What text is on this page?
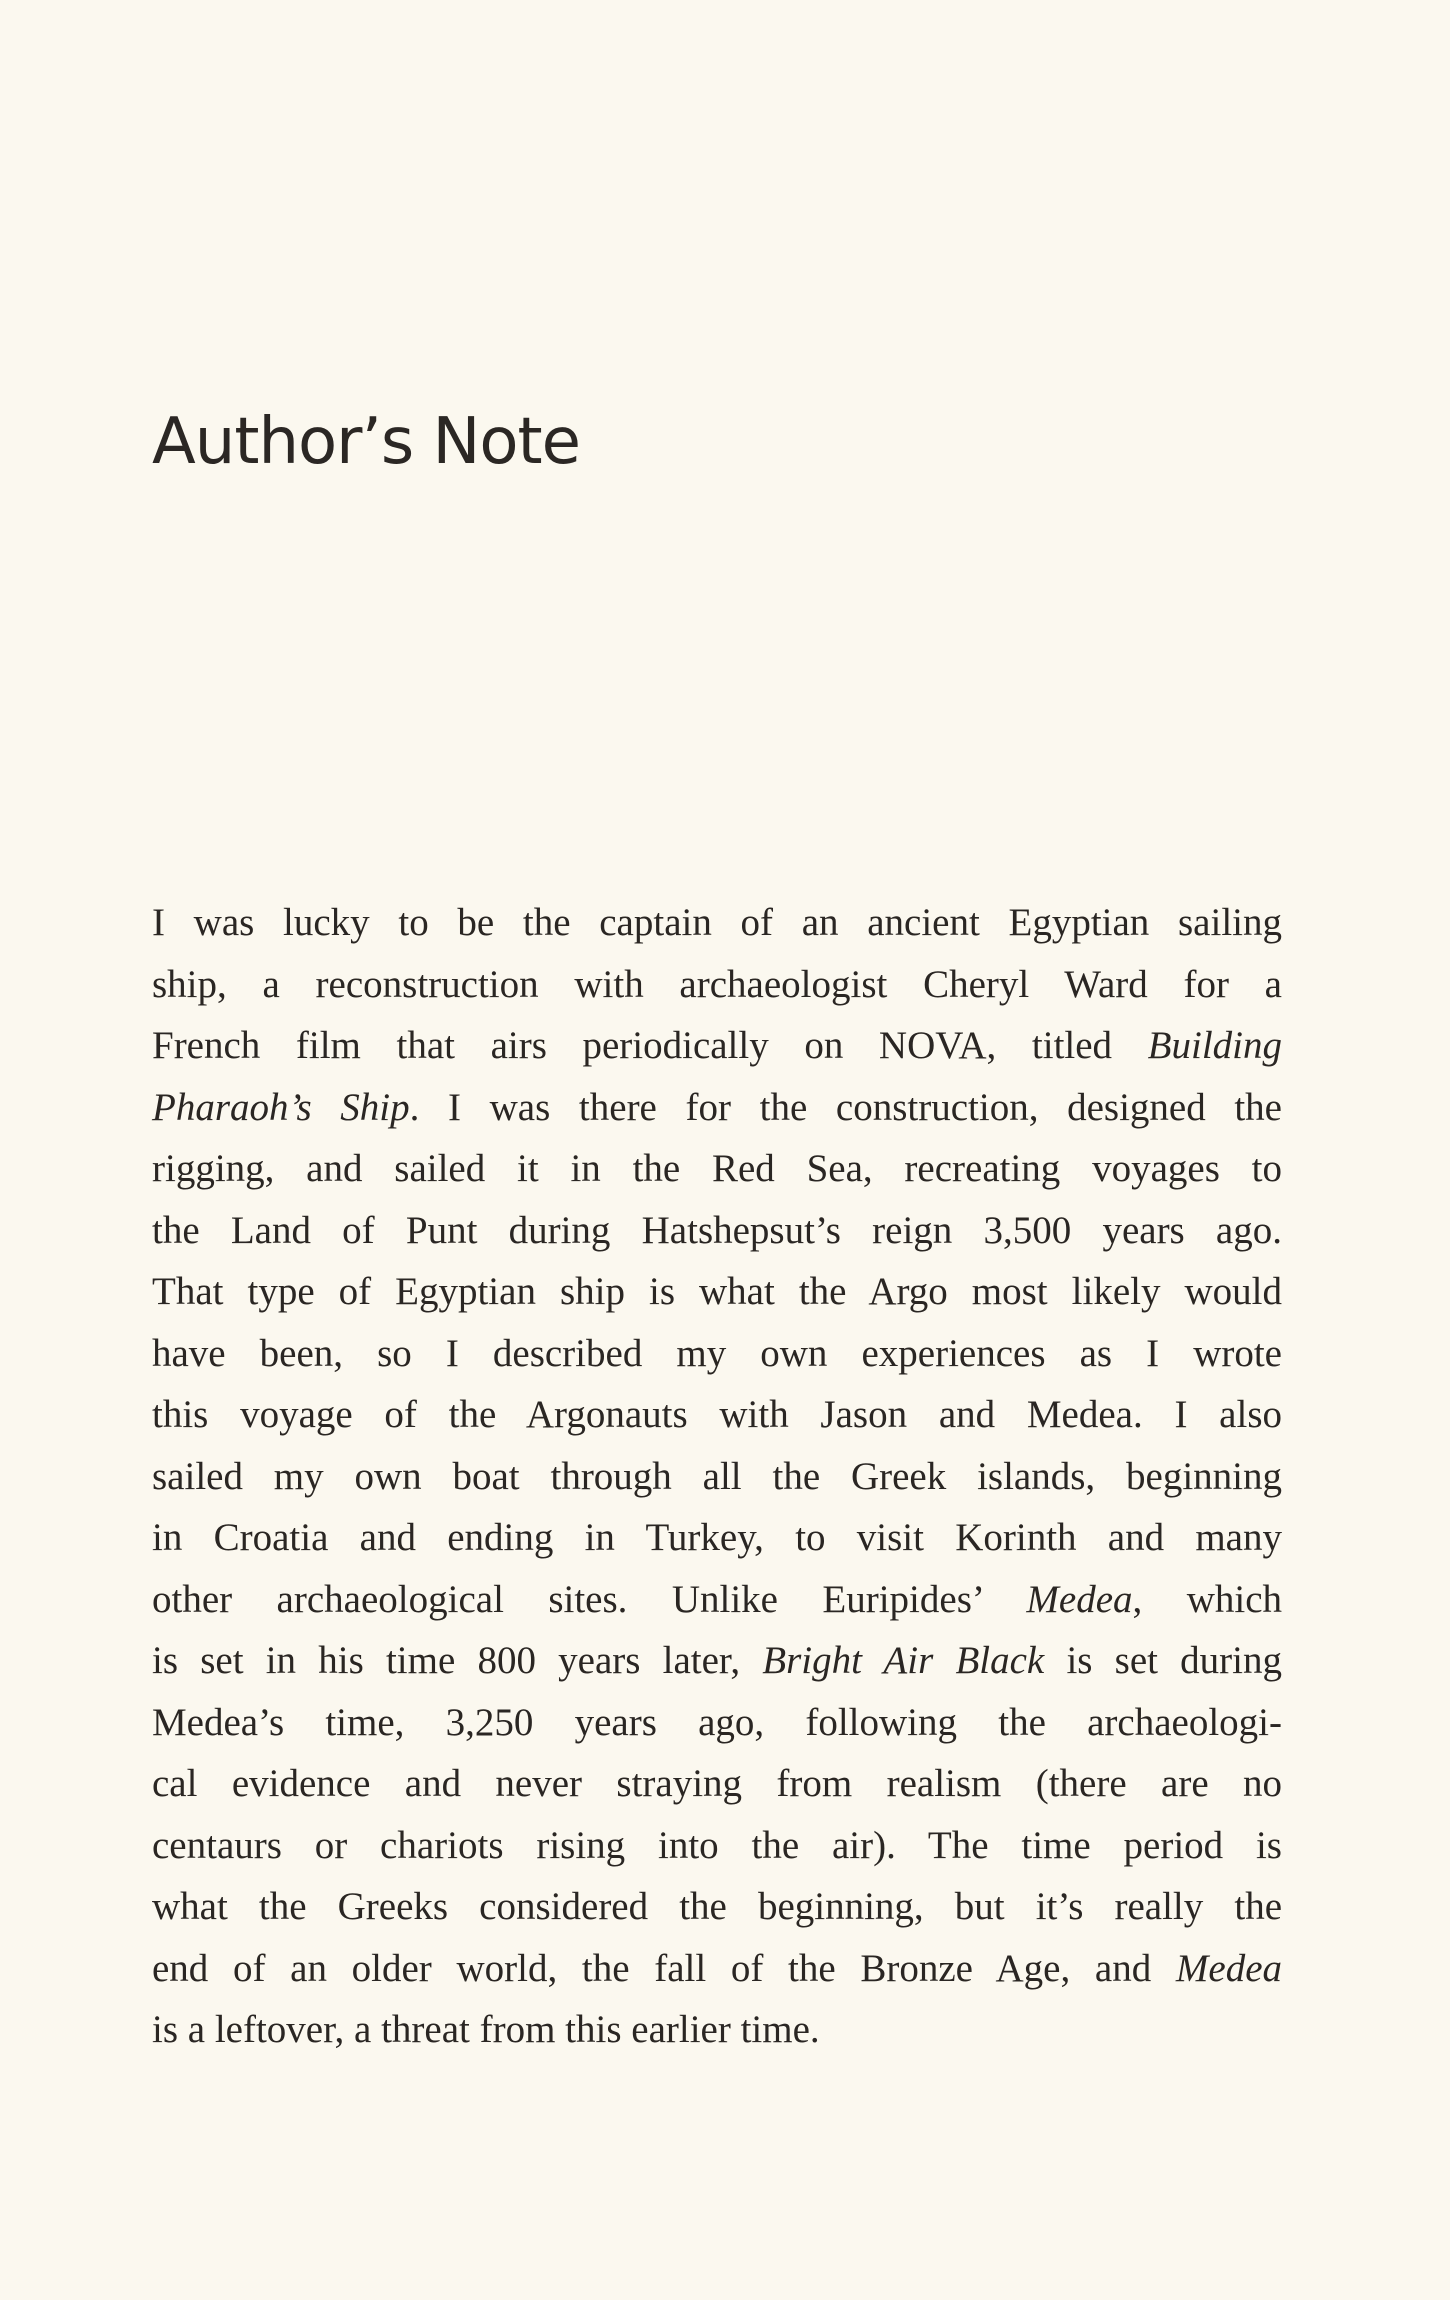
Author’s Note
I was lucky to be the captain of an ancient Egyptian sailing
ship, a reconstruction with archaeologist Cheryl Ward for a
French film that airs periodically on NOVA, titled Building
Pharaoh’s Ship. I was there for the construction, designed the
rigging, and sailed it in the Red Sea, recreating voyages to
the Land of Punt during Hatshepsut’s reign 3,500 years ago.
That type of Egyptian ship is what the Argo most likely would
have been, so I described my own experiences as I wrote
this voyage of the Argonauts with Jason and Medea. I also
sailed my own boat through all the Greek islands, beginning
in Croatia and ending in Turkey, to visit Korinth and many
other archaeological sites. Unlike Euripides’ Medea, which
is set in his time 800 years later, Bright Air Black is set during
Medea’s time, 3,250 years ago, following the archaeologi-
cal evidence and never straying from realism (there are no
centaurs or chariots rising into the air). The time period is
what the Greeks considered the beginning, but it’s really the
end of an older world, the fall of the Bronze Age, and Medea
is a leftover, a threat from this earlier time.
